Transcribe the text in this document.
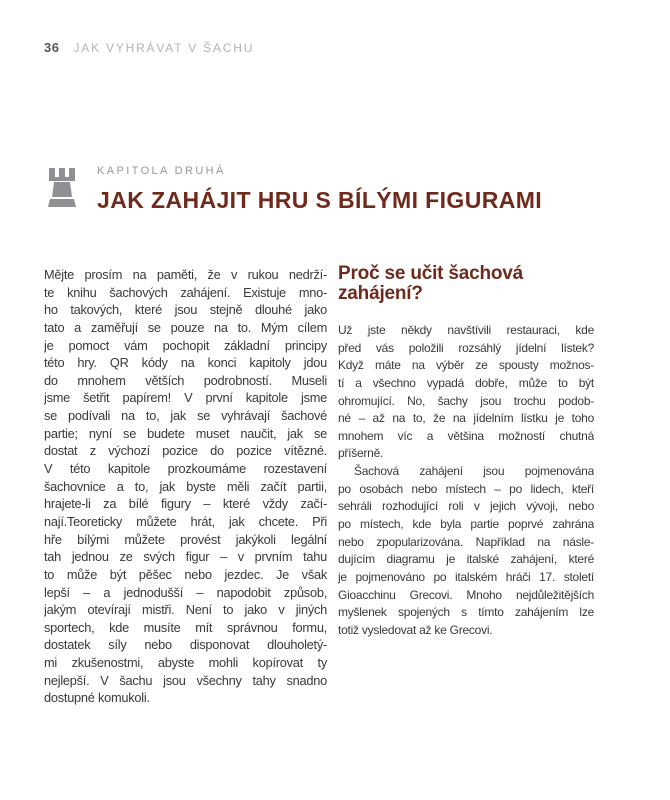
36 JAK VYHRÁVAT V ŠACHU
KAPITOLA DRUHÁ
JAK ZAHÁJIT HRU S BÍLÝMI FIGURAMI
Mějte prosím na paměti, že v rukou nedrží-
te knihu šachových zahájení. Existuje mno-
ho takových, které jsou stejně dlouhé jako
tato a zaměřují se pouze na to. Mým cílem
je pomoct vám pochopit základní principy
této hry. QR kódy na konci kapitoly jdou
do mnohem větších podrobností. Museli
jsme šetřit papírem! V první kapitole jsme
se podívali na to, jak se vyhrávají šachové
partie; nyní se budete muset naučit, jak se
dostat z výchozí pozice do pozice vítězné.
V této kapitole prozkoumáme rozestavení
šachovnice a to, jak byste měli začít partii,
hrajete-li za bílé figury – které vždy začí-
nají.Teoreticky můžete hrát, jak chcete. Při
hře bílými můžete provést jakýkoli legální
tah jednou ze svých figur – v prvním tahu
to může být pěšec nebo jezdec. Je však
lepší – a jednodušší – napodobit způsob,
jakým otevírají mistři. Není to jako v jiných
sportech, kde musíte mít správnou formu,
dostatek síly nebo disponovat dlouholetý-
mi zkušenostmi, abyste mohli kopírovat ty
nejlepší. V šachu jsou všechny tahy snadno
dostupné komukoli.
Proč se učit šachová zahájení?
Už jste někdy navštívili restauraci, kde
před vás položili rozsáhlý jídelní lístek?
Když máte na výběr ze spousty možnos-
tí a všechno vypadá dobře, může to být
ohromující. No, šachy jsou trochu podob-
né – až na to, že na jídelním lístku je toho
mnohem víc a většina možností chutná
příšerně.
Šachová zahájení jsou pojmenována
po osobách nebo místech – po lidech, kteří
sehráli rozhodující roli v jejich vývoji, nebo
po místech, kde byla partie poprvé zahrána
nebo zpopularizována. Například na násle-
dujícím diagramu je italské zahájení, které
je pojmenováno po italském hráči 17. století
Gioacchinu Grecovi. Mnoho nejdůležitějších
myšlenek spojených s tímto zahájením lze
totiž vysledovat až ke Grecovi.
